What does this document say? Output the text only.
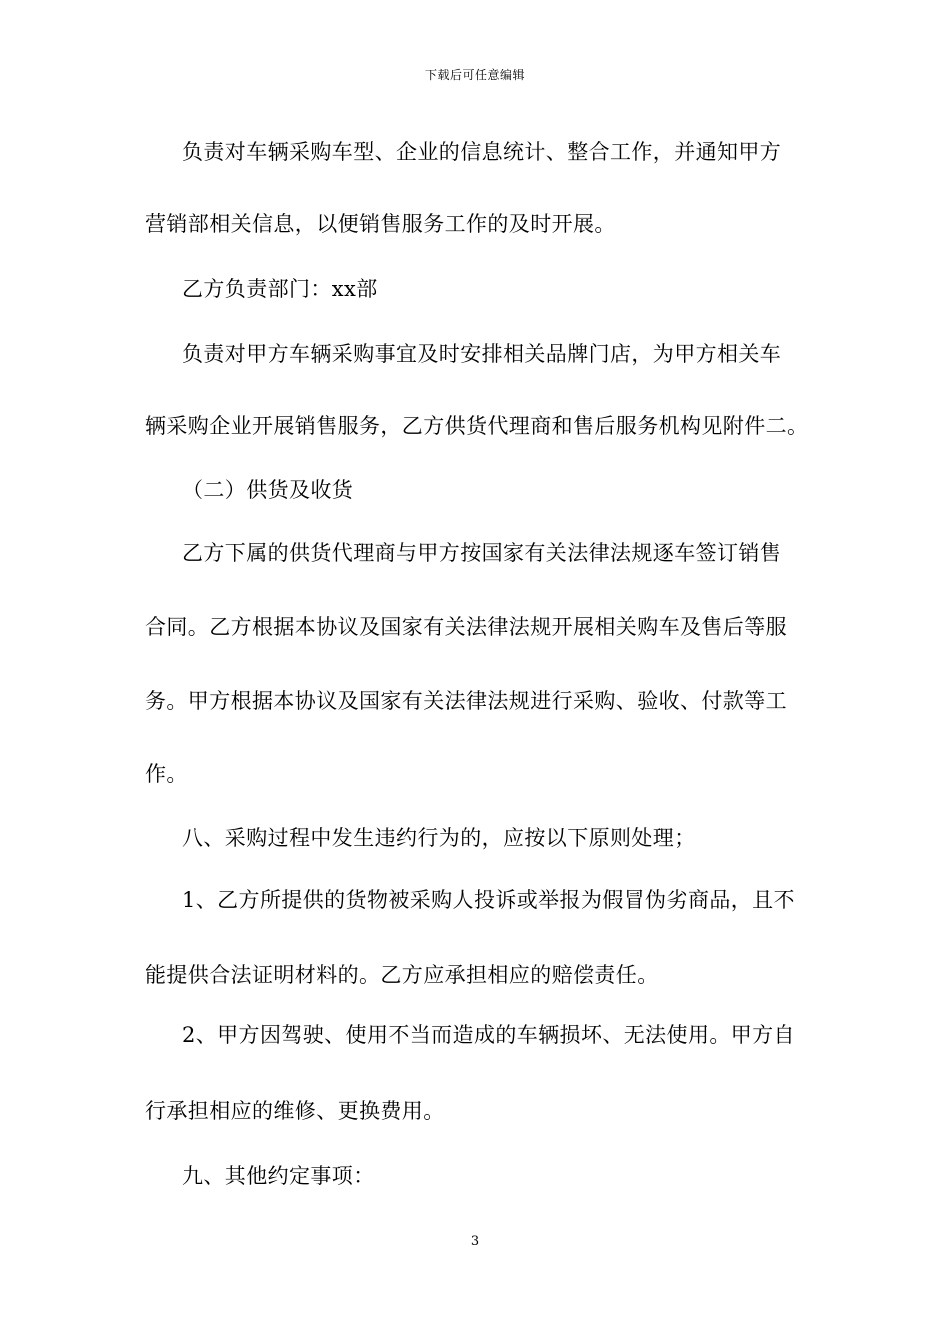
下载后可任意编辑
负责对车辆采购车型、企业的信息统计、整合工作，并通知甲方
营销部相关信息，以便销售服务工作的及时开展。
乙方负责部门：xx部
负责对甲方车辆采购事宜及时安排相关品牌门店，为甲方相关车
辆采购企业开展销售服务，乙方供货代理商和售后服务机构见附件二。
（二）供货及收货
乙方下属的供货代理商与甲方按国家有关法律法规逐车签订销售
合同。乙方根据本协议及国家有关法律法规开展相关购车及售后等服
务。甲方根据本协议及国家有关法律法规进行采购、验收、付款等工
作。
八、采购过程中发生违约行为的，应按以下原则处理；
1、乙方所提供的货物被采购人投诉或举报为假冒伪劣商品，且不
能提供合法证明材料的。乙方应承担相应的赔偿责任。
2、甲方因驾驶、使用不当而造成的车辆损坏、无法使用。甲方自
行承担相应的维修、更换费用。
九、其他约定事项：
3
